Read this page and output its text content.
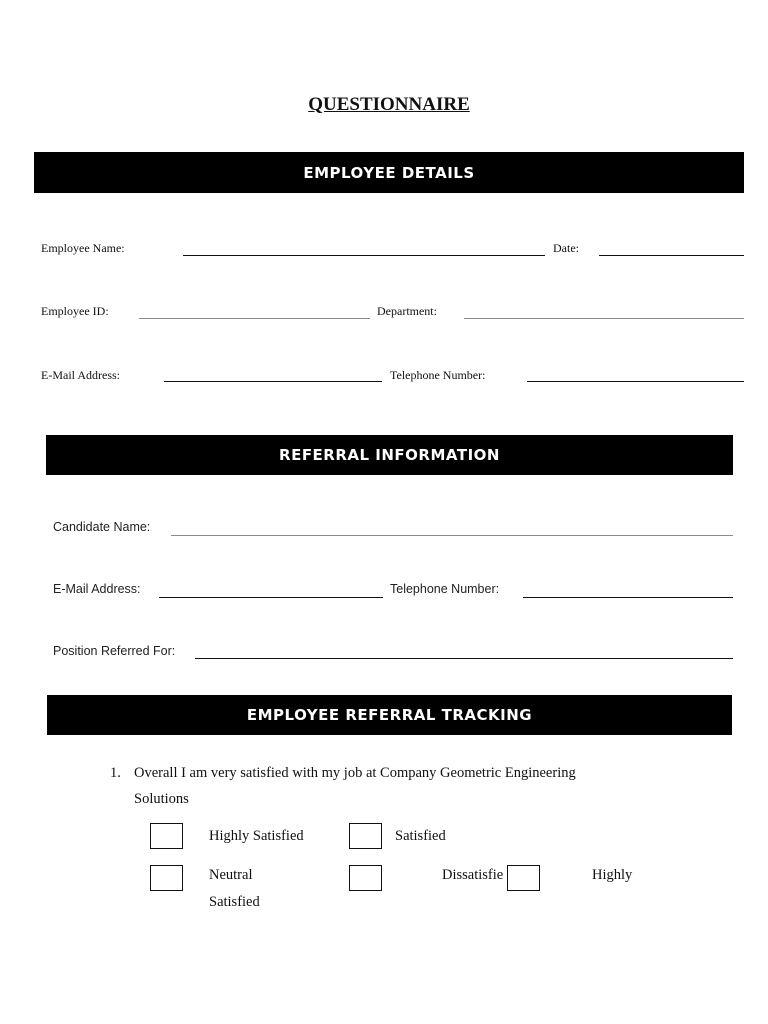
QUESTIONNAIRE
EMPLOYEE DETAILS
Employee Name:	Date:
Employee ID:	Department:
E-Mail Address:	Telephone Number:
REFERRAL INFORMATION
Candidate Name:
E-Mail Address:	Telephone Number:
Position Referred For:
EMPLOYEE REFERRAL TRACKING
1. Overall I am very satisfied with my job at Company Geometric Engineering
Solutions
Highly Satisfied	Satisfied
Neutral	Dissatisfie	Highly
Satisfied
